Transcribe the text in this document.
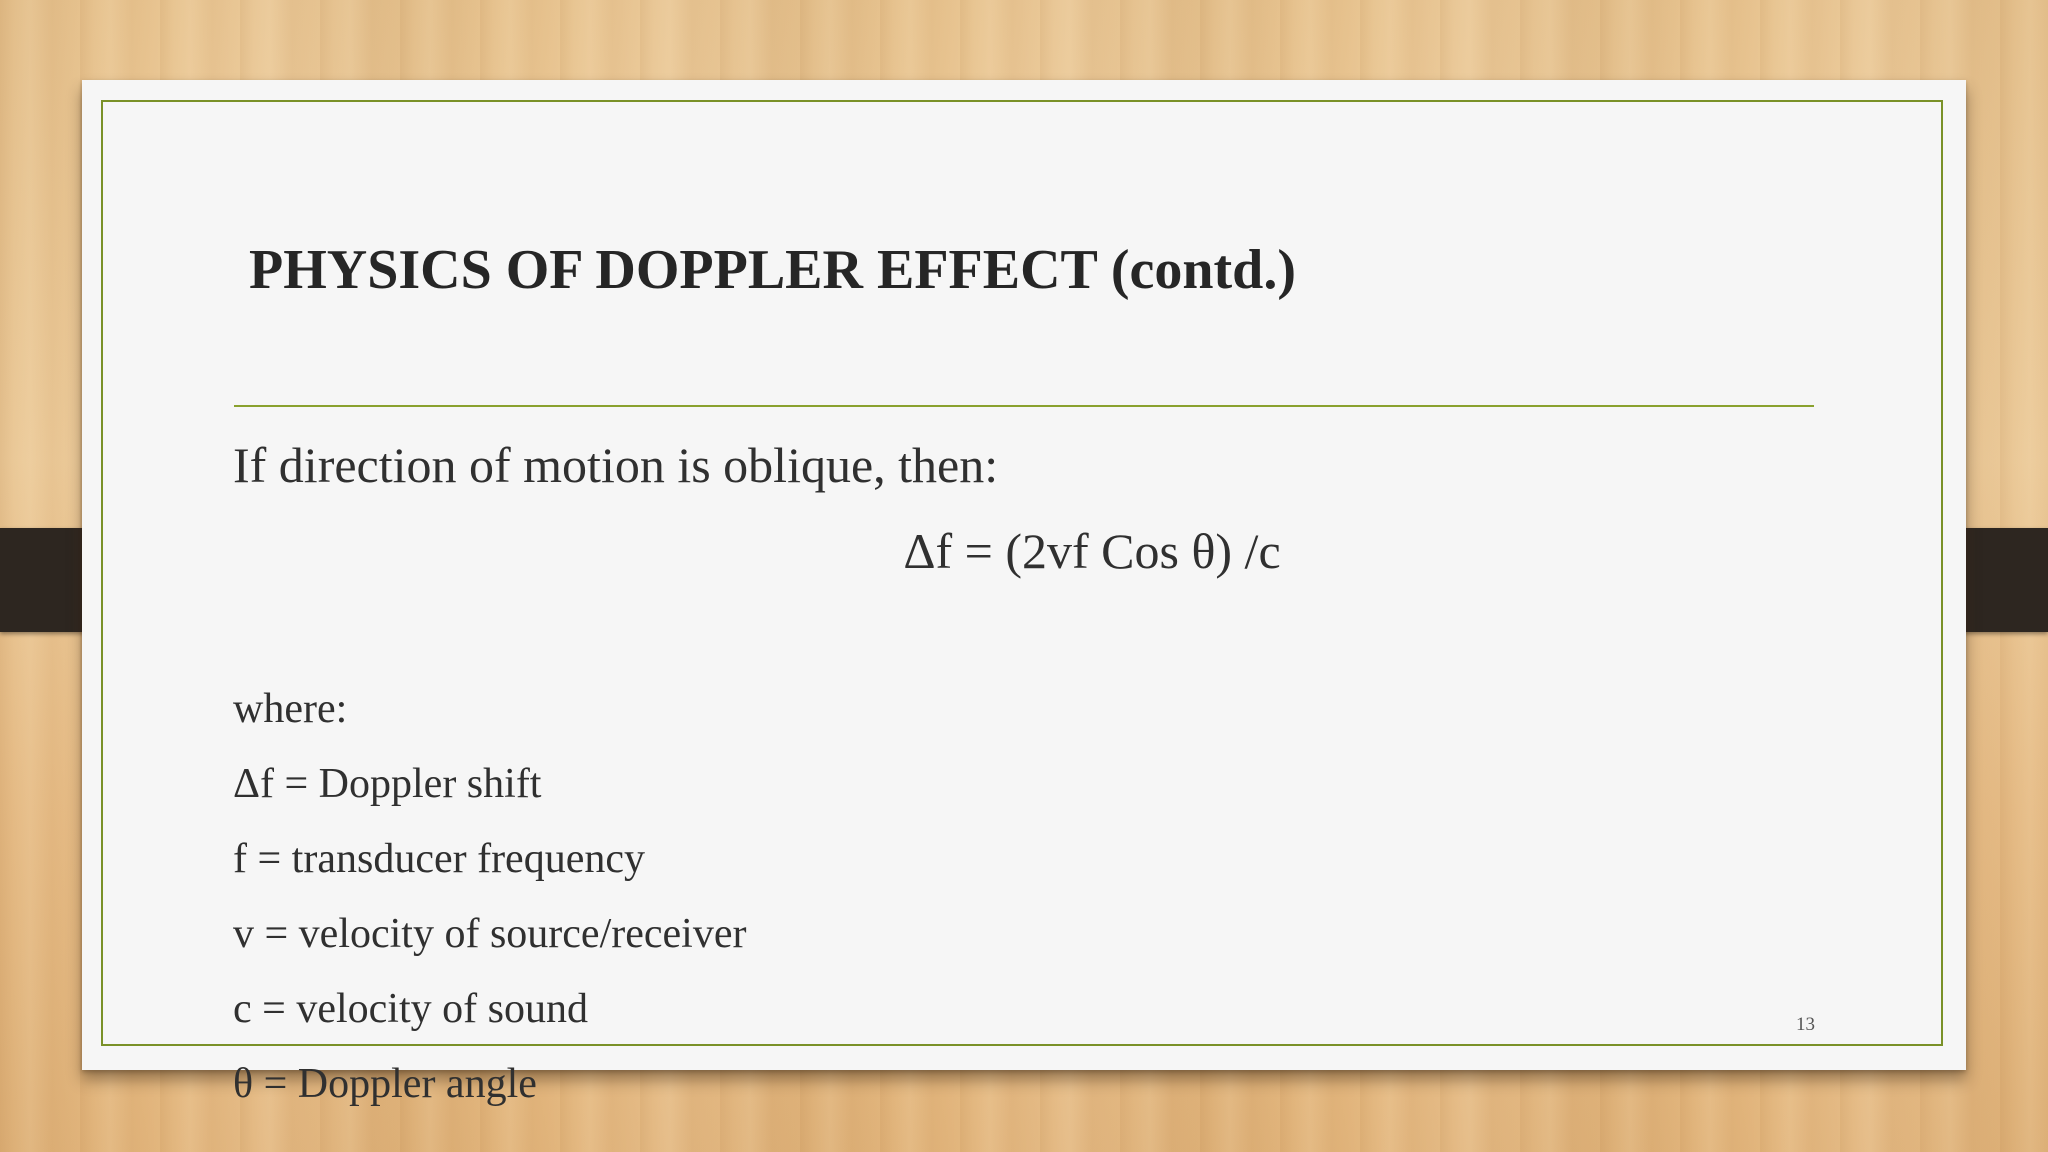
PHYSICS OF DOPPLER EFFECT (contd.)
If direction of motion is oblique, then:
Δf = (2vf Cos θ) /c
where:
Δf = Doppler shift
f = transducer frequency
v = velocity of source/receiver
c = velocity of sound
θ = Doppler angle
13
